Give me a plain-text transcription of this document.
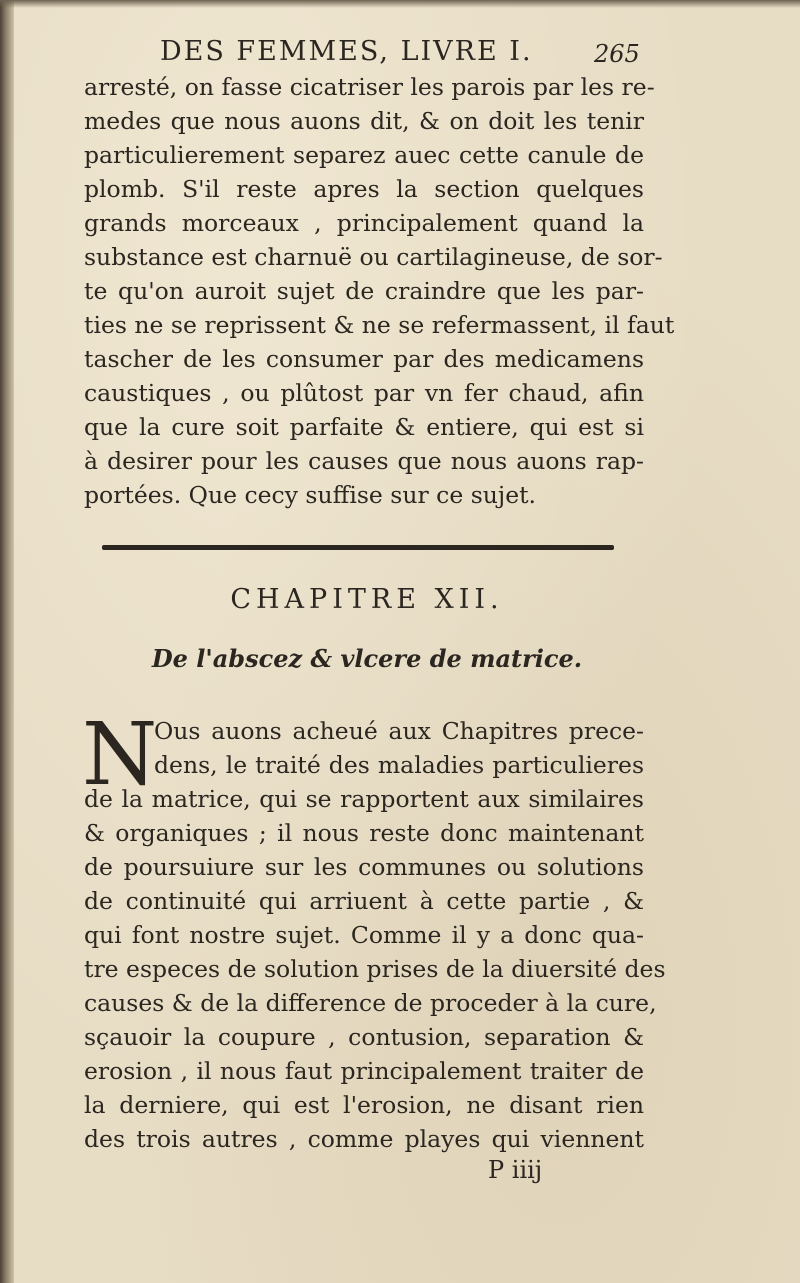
DES FEMMES, LIVRE I.	265
arresté, on fasse cicatriser les parois par les re-
medes que nous auons dit, & on doit les tenir
particulierement separez auec cette canule de
plomb. S'il reste apres la section quelques
grands morceaux , principalement quand la
substance est charnuë ou cartilagineuse, de sor-
te qu'on auroit sujet de craindre que les par-
ties ne se reprissent & ne se refermassent, il faut
tascher de les consumer par des medicamens
caustiques , ou plûtost par vn fer chaud, afin
que la cure soit parfaite & entiere, qui est si
à desirer pour les causes que nous auons rap-
portées. Que cecy suffise sur ce sujet.
CHAPITRE XII.
De l'abscez & vlcere de matrice.
N
Ous auons acheué aux Chapitres prece-
dens, le traité des maladies particulieres
de la matrice, qui se rapportent aux similaires
& organiques ; il nous reste donc maintenant
de poursuiure sur les communes ou solutions
de continuité qui arriuent à cette partie , &
qui font nostre sujet. Comme il y a donc qua-
tre especes de solution prises de la diuersité des
causes & de la difference de proceder à la cure,
sçauoir la coupure , contusion, separation &
erosion , il nous faut principalement traiter de
la derniere, qui est l'erosion, ne disant rien
des trois autres , comme playes qui viennent
P iiij
